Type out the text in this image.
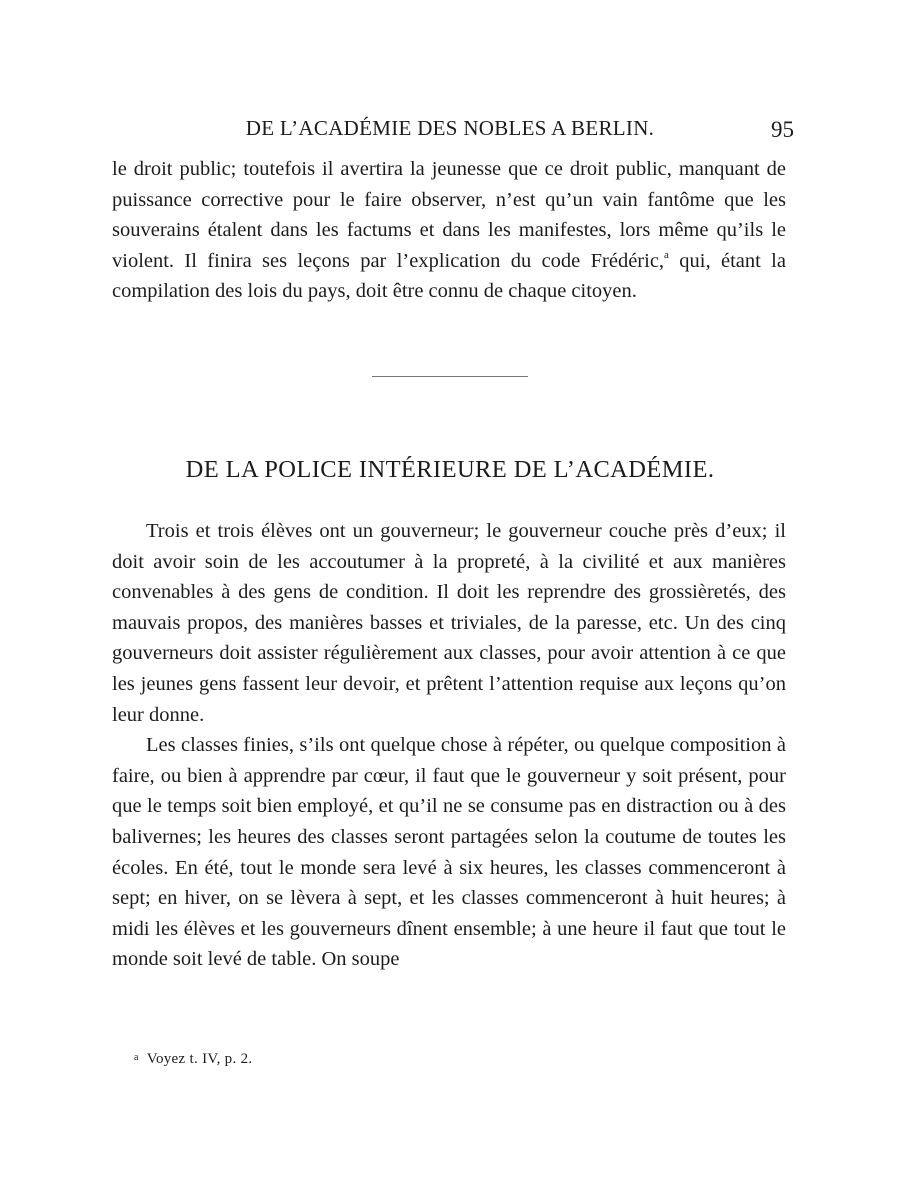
DE L’ACADÉMIE DES NOBLES A BERLIN.	95

le droit public; toutefois il avertira la jeunesse que ce droit public, manquant de puissance corrective pour le faire observer, n’est qu’un vain fantôme que les souverains étalent dans les factums et dans les manifestes, lors même qu’ils le violent. Il finira ses leçons par l’explication du code Frédéric,$^a$ qui, étant la compilation des lois du pays, doit être connu de chaque citoyen.

DE LA POLICE INTÉRIEURE DE L’ACADÉMIE.

Trois et trois élèves ont un gouverneur; le gouverneur couche près d’eux; il doit avoir soin de les accoutumer à la propreté, à la civilité et aux manières convenables à des gens de condition. Il doit les reprendre des grossièretés, des mauvais propos, des manières basses et triviales, de la paresse, etc. Un des cinq gouverneurs doit assister régulièrement aux classes, pour avoir attention à ce que les jeunes gens fassent leur devoir, et prêtent l’attention requise aux leçons qu’on leur donne.

Les classes finies, s’ils ont quelque chose à répéter, ou quelque composition à faire, ou bien à apprendre par cœur, il faut que le gouverneur y soit présent, pour que le temps soit bien employé, et qu’il ne se consume pas en distraction ou à des balivernes; les heures des classes seront partagées selon la coutume de toutes les écoles. En été, tout le monde sera levé à six heures, les classes commenceront à sept; en hiver, on se lèvera à sept, et les classes commenceront à huit heures; à midi les élèves et les gouverneurs dînent ensemble; à une heure il faut que tout le monde soit levé de table. On soupe

$^a$ Voyez t. IV, p. 2.
